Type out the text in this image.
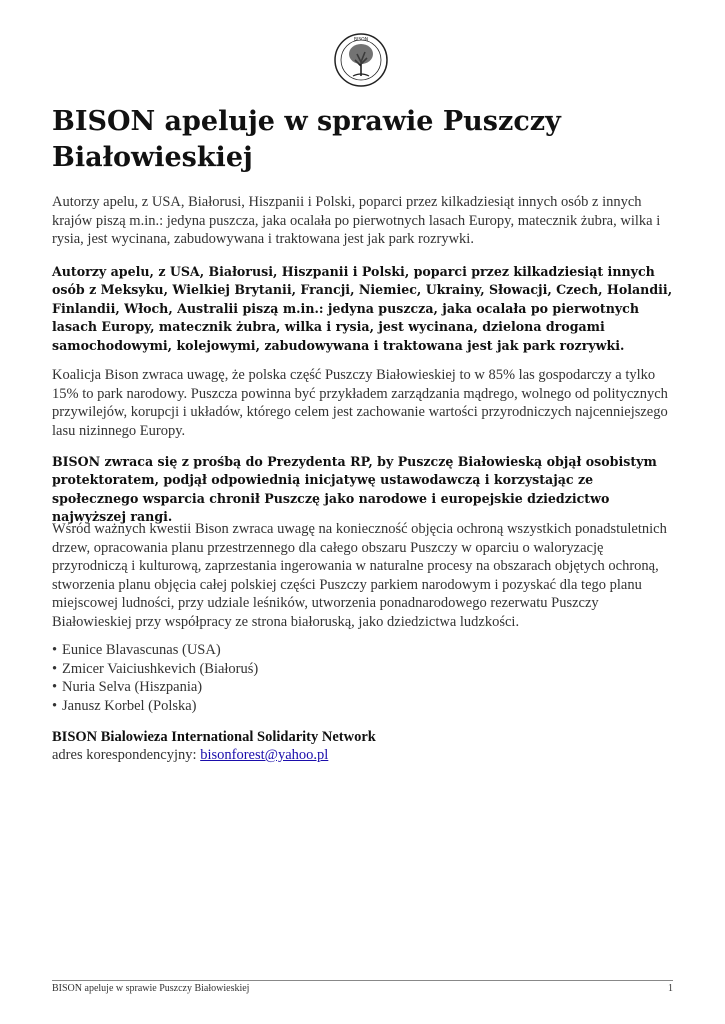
BISON
BISON apeluje w sprawie Puszczy Białowieskiej

Autorzy apelu, z USA, Białorusi, Hiszpanii i Polski, poparci przez kilkadziesiąt innych osób z innych krajów piszą m.in.: jedyna puszcza, jaka ocalała po pierwotnych lasach Europy, matecznik żubra, wilka i rysia, jest wycinana, zabudowywana i traktowana jest jak park rozrywki.

Autorzy apelu, z USA, Białorusi, Hiszpanii i Polski, poparci przez kilkadziesiąt innych osób z Meksyku, Wielkiej Brytanii, Francji, Niemiec, Ukrainy, Słowacji, Czech, Holandii, Finlandii, Włoch, Australii piszą m.in.: jedyna puszcza, jaka ocalała po pierwotnych lasach Europy, matecznik żubra, wilka i rysia, jest wycinana, dzielona drogami samochodowymi, kolejowymi, zabudowywana i traktowana jest jak park rozrywki.

Koalicja Bison zwraca uwagę, że polska część Puszczy Białowieskiej to w 85% las gospodarczy a tylko 15% to park narodowy. Puszcza powinna być przykładem zarządzania mądrego, wolnego od politycznych przywilejów, korupcji i układów, którego celem jest zachowanie wartości przyrodniczych najcenniejszego lasu nizinnego Europy.

BISON zwraca się z prośbą do Prezydenta RP, by Puszczę Białowieską objął osobistym protektoratem, podjął odpowiednią inicjatywę ustawodawczą i korzystając ze społecznego wsparcia chronił Puszczę jako narodowe i europejskie dziedzictwo najwyższej rangi.

Wśród ważnych kwestii Bison zwraca uwagę na konieczność objęcia ochroną wszystkich ponadstuletnich drzew, opracowania planu przestrzennego dla całego obszaru Puszczy w oparciu o waloryzację przyrodniczą i kulturową, zaprzestania ingerowania w naturalne procesy na obszarach objętych ochroną, stworzenia planu objęcia całej polskiej części Puszczy parkiem narodowym i pozyskać dla tego planu miejscowej ludności, przy udziale leśników, utworzenia ponadnarodowego rezerwatu Puszczy Białowieskiej przy współpracy ze strona białoruską, jako dziedzictwa ludzkości.

• Eunice Blavascunas (USA)
• Zmicer Vaiciushkevich (Białoruś)
• Nuria Selva (Hiszpania)
• Janusz Korbel (Polska)

BISON Bialowieza International Solidarity Network

adres korespondencyjny: bisonforest@yahoo.pl

BISON apeluje w sprawie Puszczy Białowieskiej	1
